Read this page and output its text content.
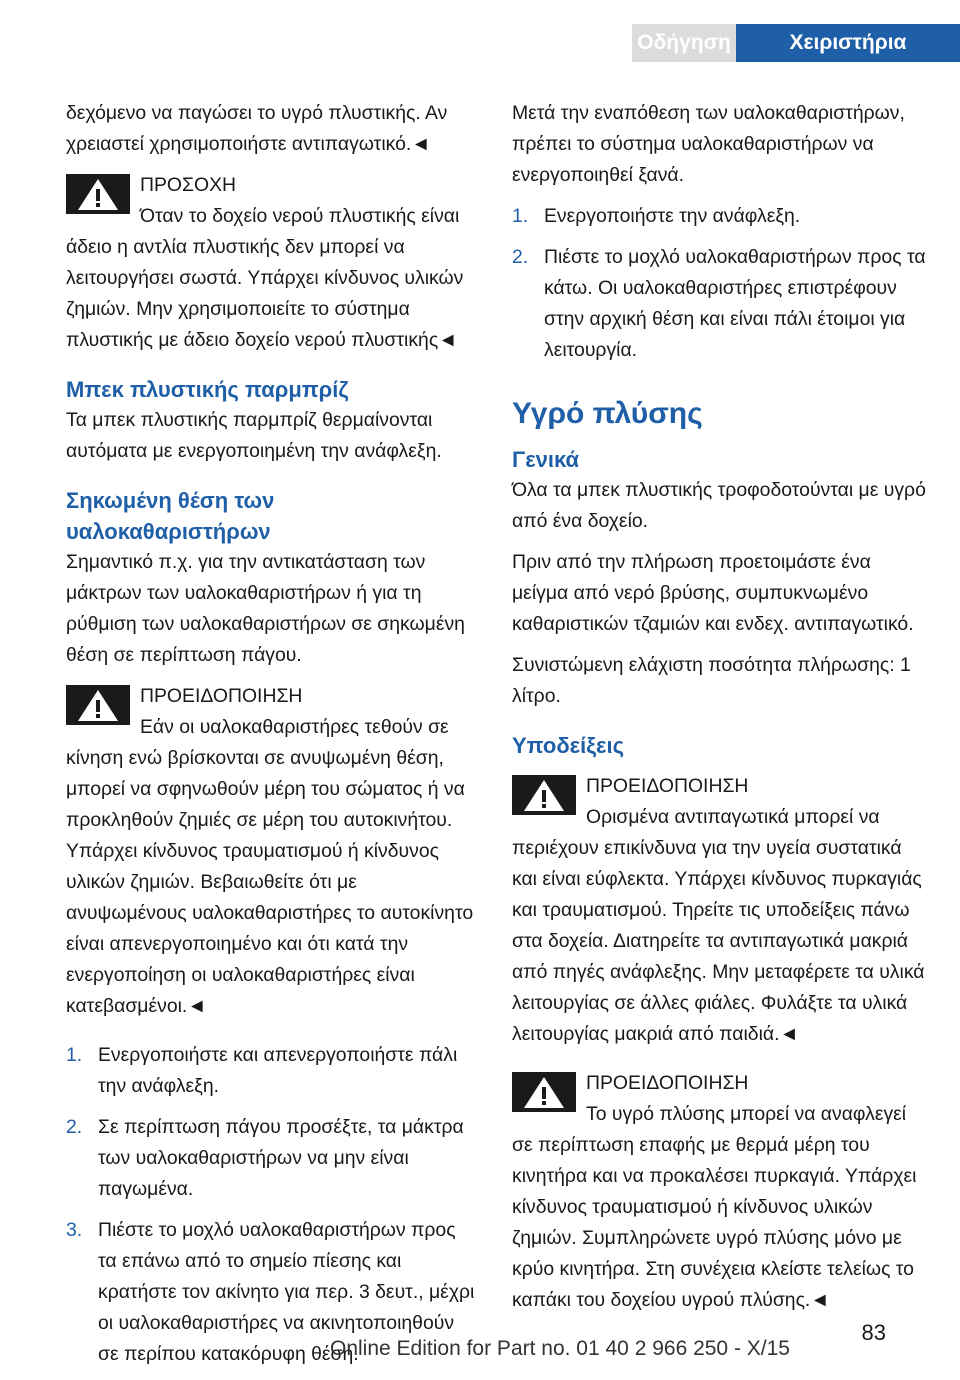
Οδήγηση	Χειριστήρια

δεχόμενο να παγώσει το υγρό πλυστικής. Αν χρειαστεί χρησιμοποιήστε αντιπαγωτικό.◄

ΠΡΟΣΟΧΗ
Όταν το δοχείο νερού πλυστικής είναι άδειο η αντλία πλυστικής δεν μπορεί να λειτουργήσει σωστά. Υπάρχει κίνδυνος υλικών ζημιών. Μην χρησιμοποιείτε το σύστημα πλυστικής με άδειο δοχείο νερού πλυστικής◄
Μπεκ πλυστικής παρμπρίζ

Τα μπεκ πλυστικής παρμπρίζ θερμαίνονται αυτόματα με ενεργοποιημένη την ανάφλεξη.

Σηκωμένη θέση των υαλοκαθαριστήρων

Σημαντικό π.χ. για την αντικατάσταση των μάκτρων των υαλοκαθαριστήρων ή για τη ρύθμιση των υαλοκαθαριστήρων σε σηκωμένη θέση σε περίπτωση πάγου.

ΠΡΟΕΙΔΟΠΟΙΗΣΗ
Εάν οι υαλοκαθαριστήρες τεθούν σε κίνηση ενώ βρίσκονται σε ανυψωμένη θέση, μπορεί να σφηνωθούν μέρη του σώματος ή να προκληθούν ζημιές σε μέρη του αυτοκινήτου. Υπάρχει κίνδυνος τραυματισμού ή κίνδυνος υλικών ζημιών. Βεβαιωθείτε ότι με ανυψωμένους υαλοκαθαριστήρες το αυτοκίνητο είναι απενεργοποιημένο και ότι κατά την ενεργοποίηση οι υαλοκαθαριστήρες είναι κατεβασμένοι.◄
1. Ενεργοποιήστε και απενεργοποιήστε πάλι την ανάφλεξη.
2. Σε περίπτωση πάγου προσέξτε, τα μάκτρα των υαλοκαθαριστήρων να μην είναι παγωμένα.
3. Πιέστε το μοχλό υαλοκαθαριστήρων προς τα επάνω από το σημείο πίεσης και κρατήστε τον ακίνητο για περ. 3 δευτ., μέχρι οι υαλοκαθαριστήρες να ακινητοποιηθούν σε περίπου κατακόρυφη θέση.

Μετά την εναπόθεση των υαλοκαθαριστήρων, πρέπει το σύστημα υαλοκαθαριστήρων να ενεργοποιηθεί ξανά.

1. Ενεργοποιήστε την ανάφλεξη.
2. Πιέστε το μοχλό υαλοκαθαριστήρων προς τα κάτω. Οι υαλοκαθαριστήρες επιστρέφουν στην αρχική θέση και είναι πάλι έτοιμοι για λειτουργία.
Υγρό πλύσης
Γενικά

Όλα τα μπεκ πλυστικής τροφοδοτούνται με υγρό από ένα δοχείο.

Πριν από την πλήρωση προετοιμάστε ένα μείγμα από νερό βρύσης, συμπυκνωμένο καθαριστικών τζαμιών και ενδεχ. αντιπαγωτικό.

Συνιστώμενη ελάχιστη ποσότητα πλήρωσης: 1 λίτρο.

Υποδείξεις
ΠΡΟΕΙΔΟΠΟΙΗΣΗ
Ορισμένα αντιπαγωτικά μπορεί να περιέχουν επικίνδυνα για την υγεία συστατικά και είναι εύφλεκτα. Υπάρχει κίνδυνος πυρκαγιάς και τραυματισμού. Τηρείτε τις υποδείξεις πάνω στα δοχεία. Διατηρείτε τα αντιπαγωτικά μακριά από πηγές ανάφλεξης. Μην μεταφέρετε τα υλικά λειτουργίας σε άλλες φιάλες. Φυλάξτε τα υλικά λειτουργίας μακριά από παιδιά.◄
ΠΡΟΕΙΔΟΠΟΙΗΣΗ
Το υγρό πλύσης μπορεί να αναφλεγεί σε περίπτωση επαφής με θερμά μέρη του κινητήρα και να προκαλέσει πυρκαγιά. Υπάρχει κίνδυνος τραυματισμού ή κίνδυνος υλικών ζημιών. Συμπληρώνετε υγρό πλύσης μόνο με κρύο κινητήρα. Στη συνέχεια κλείστε τελείως το καπάκι του δοχείου υγρού πλύσης.◄
83
Online Edition for Part no. 01 40 2 966 250 - X/15
